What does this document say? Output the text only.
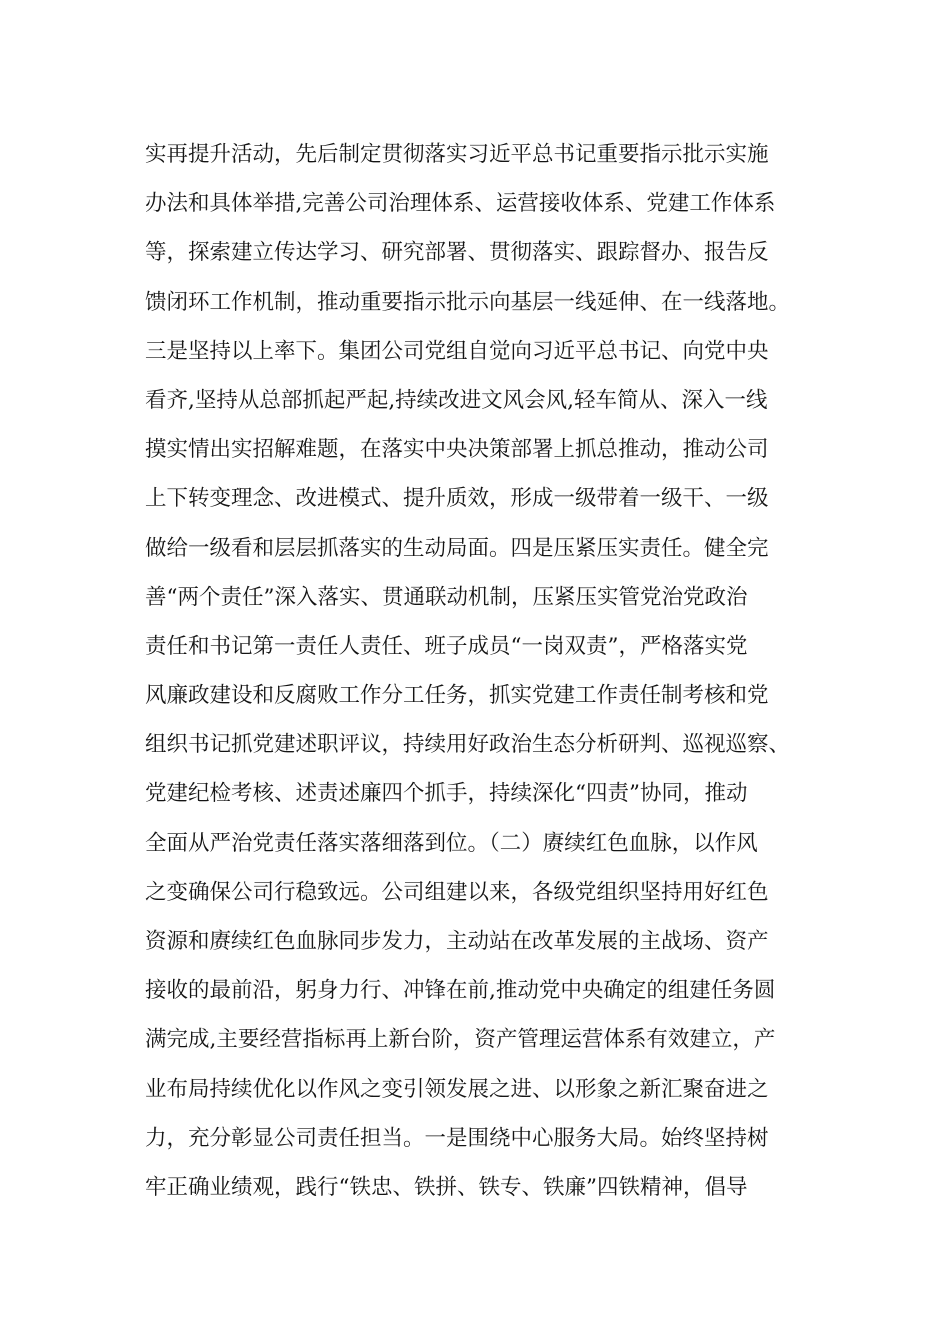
实再提升活动，先后制定贯彻落实习近平总书记重要指示批示实施
办法和具体举措,完善公司治理体系、运营接收体系、党建工作体系
等，探索建立传达学习、研究部署、贯彻落实、跟踪督办、报告反
馈闭环工作机制，推动重要指示批示向基层一线延伸、在一线落地。
三是坚持以上率下。集团公司党组自觉向习近平总书记、向党中央
看齐,坚持从总部抓起严起,持续改进文风会风,轻车简从、深入一线
摸实情出实招解难题，在落实中央决策部署上抓总推动，推动公司
上下转变理念、改进模式、提升质效，形成一级带着一级干、一级
做给一级看和层层抓落实的生动局面。四是压紧压实责任。健全完
善“两个责任”深入落实、贯通联动机制，压紧压实管党治党政治
责任和书记第一责任人责任、班子成员“一岗双责”，严格落实党
风廉政建设和反腐败工作分工任务，抓实党建工作责任制考核和党
组织书记抓党建述职评议，持续用好政治生态分析研判、巡视巡察、
党建纪检考核、述责述廉四个抓手，持续深化“四责”协同，推动
全面从严治党责任落实落细落到位。（二）赓续红色血脉，以作风
之变确保公司行稳致远。公司组建以来，各级党组织坚持用好红色
资源和赓续红色血脉同步发力，主动站在改革发展的主战场、资产
接收的最前沿，躬身力行、冲锋在前,推动党中央确定的组建任务圆
满完成,主要经营指标再上新台阶，资产管理运营体系有效建立，产
业布局持续优化以作风之变引领发展之进、以形象之新汇聚奋进之
力，充分彰显公司责任担当。一是围绕中心服务大局。始终坚持树
牢正确业绩观，践行“铁忠、铁拼、铁专、铁廉”四铁精神，倡导
